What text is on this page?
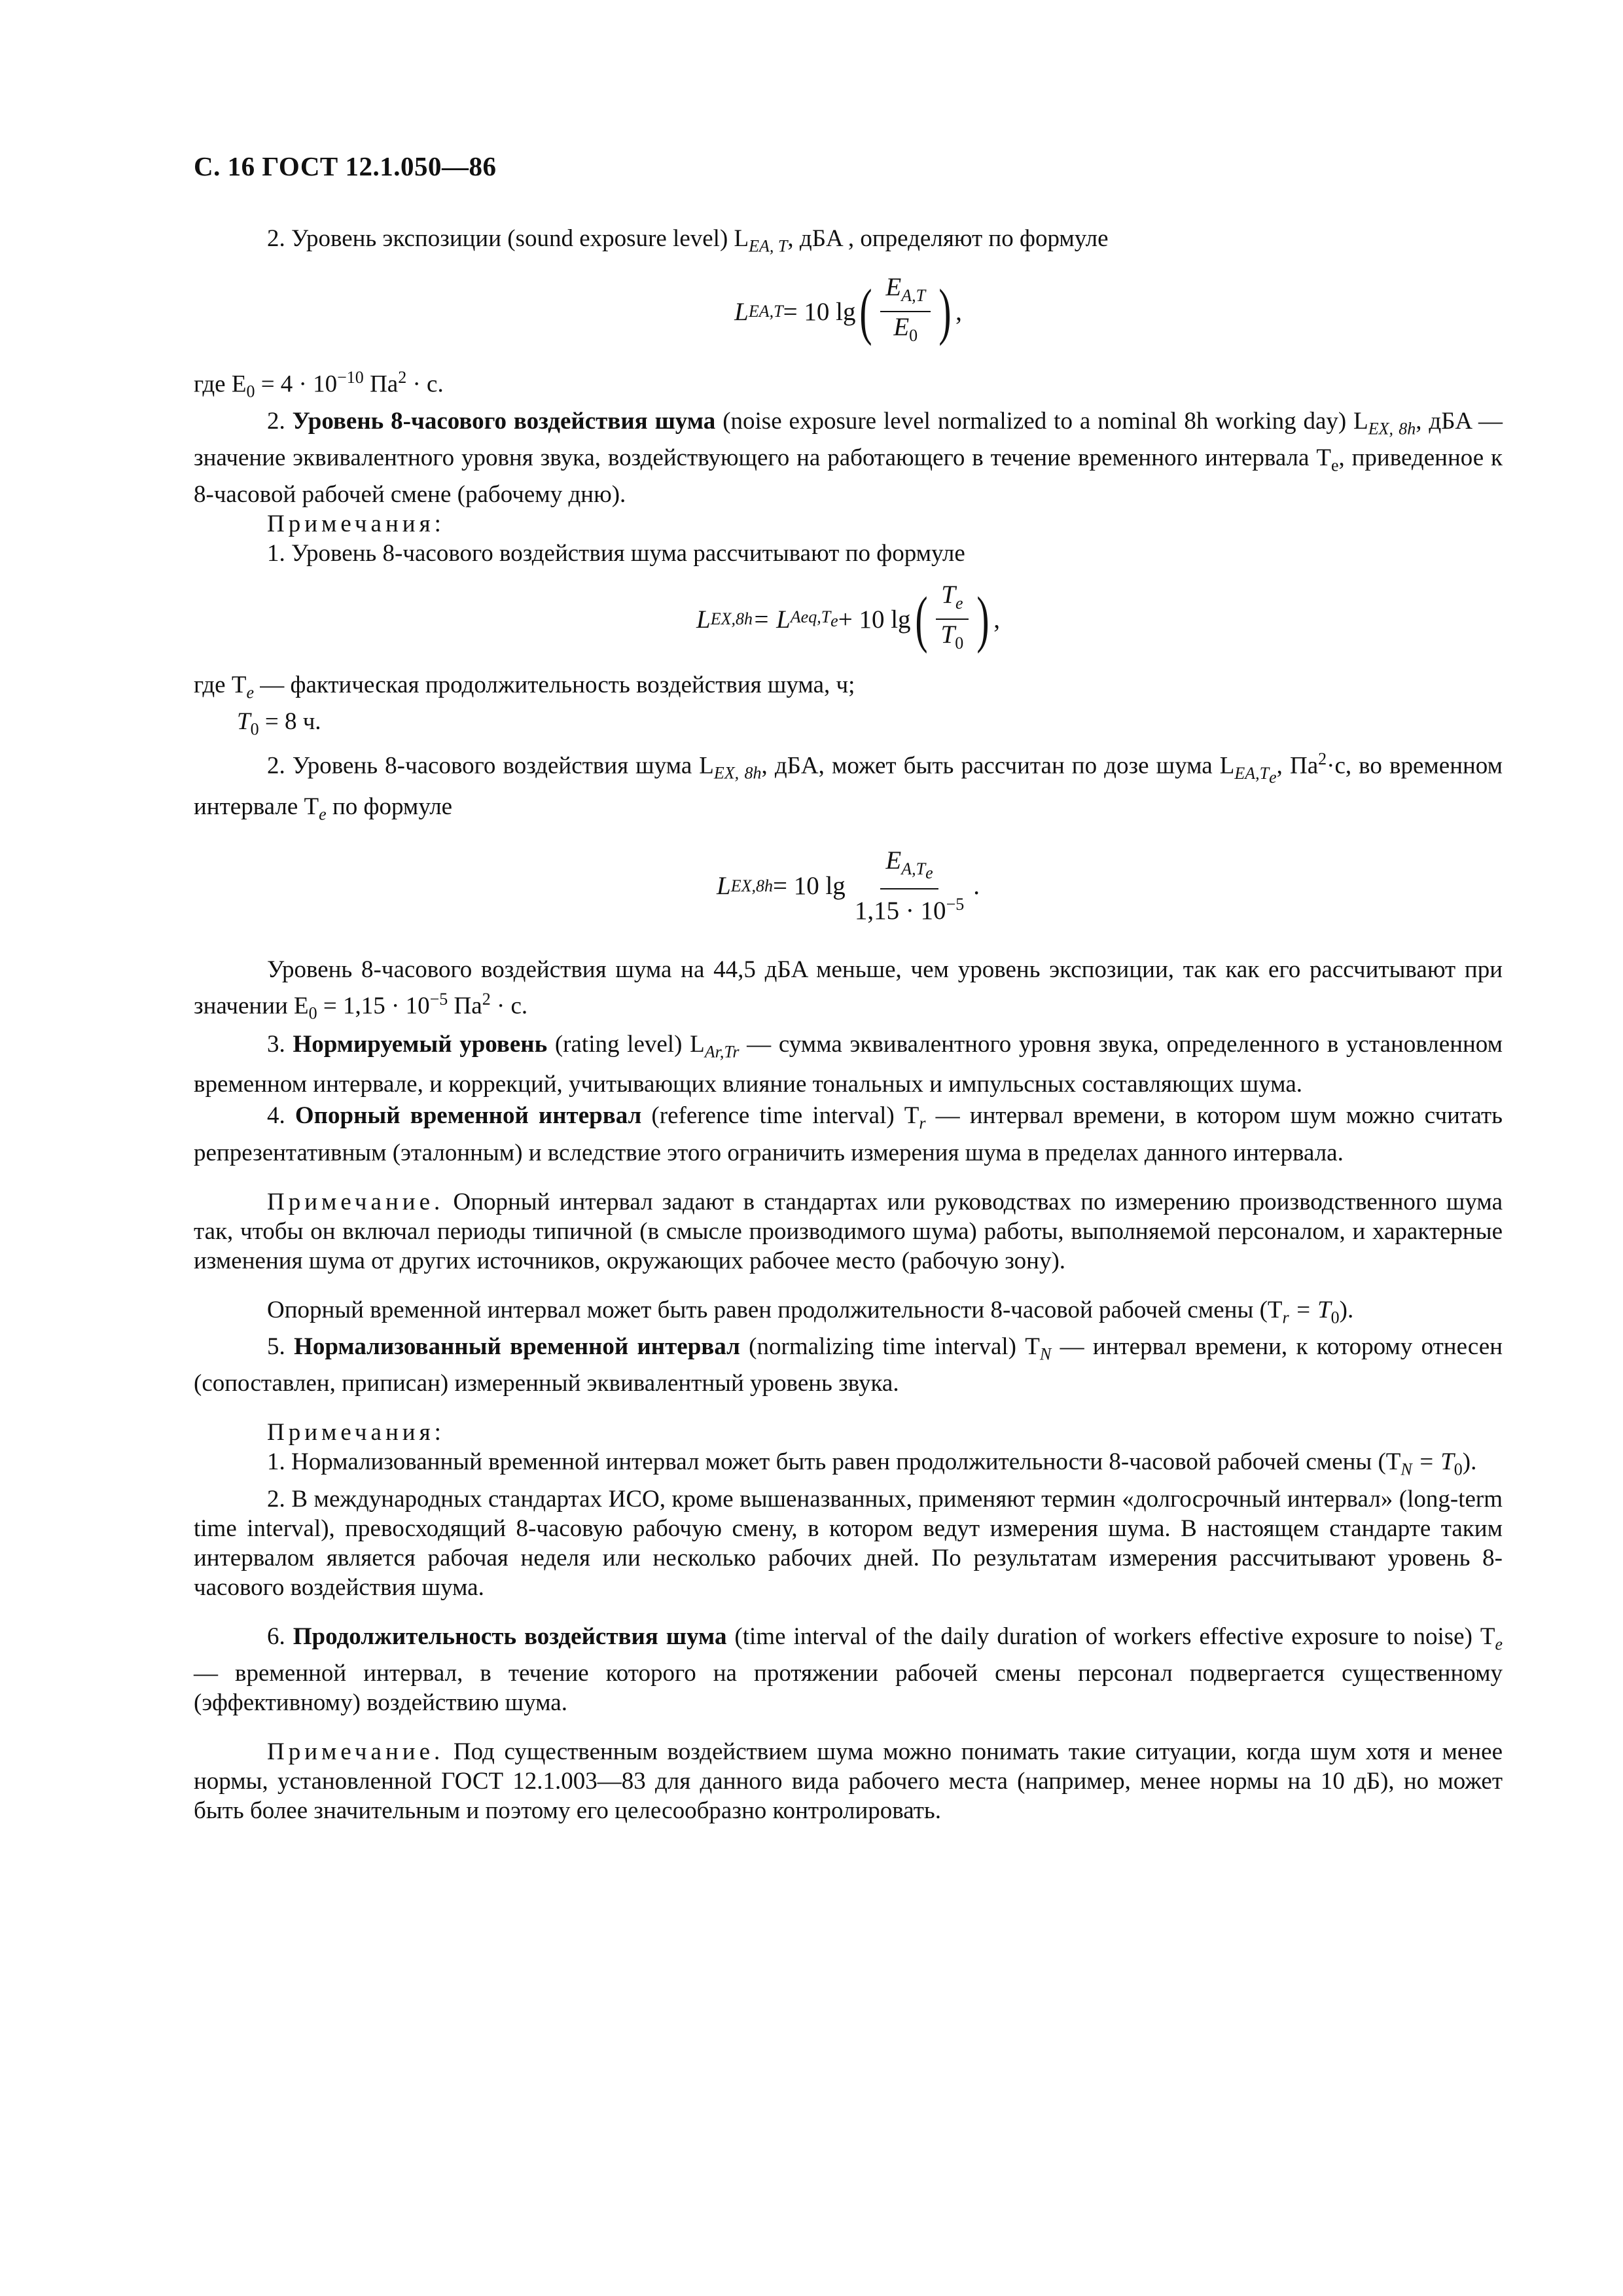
С. 16 ГОСТ 12.1.050—86

2. Уровень экспозиции (sound exposure level) $L_{EA, T}$, дБA , определяют по формуле

L EA,T = 10 lg ( $\frac{E_{A,T}}{E_0}$ ) ,

где $E_0 = 4 \cdot 10^{-10}$ $Па^2 \cdot с$.

2. Уровень 8-часового воздействия шума (noise exposure level normalized to a nominal 8h working day) $L_{EX, 8h}$, дБA — значение эквивалентного уровня звука, воздействующего на работающего в течение временного интервала $T_e$, приведенное к 8-часовой рабочей смене (рабочему дню).

Примечания:

1. Уровень 8-часового воздействия шума рассчитывают по формуле

L EX,8h = L $Aeq,T_e + 10$ lg ( $\frac{T_e}{T_0}$ ) ,

где $T_e$ — фактическая продолжительность воздействия шума, ч;

$T_0 = 8$ ч.

2. Уровень 8-часового воздействия шума $L_{EX, 8h}$, дБA, может быть рассчитан по дозе шума $L_{EA,T_e}$, $Па^2\cdot с$, во временном интервале $T_e$ по формуле

L EX,8h = 10 $\lg \frac{E_{A,T_e}}{1,15 \cdot 10^{-5}}$ .

Уровень 8-часового воздействия шума на 44,5 дБA меньше, чем уровень экспозиции, так как его рассчитывают при значении $E_0 = 1,15 \cdot 10^{-5}$ $Па^2 \cdot с$.

3. Нормируемый уровень (rating level) $L_{Ar,Tr}$ — сумма эквивалентного уровня звука, определенного в установленном временном интервале, и коррекций, учитывающих влияние тональных и импульсных составляющих шума.

4. Опорный временной интервал (reference time interval) $T_r$ — интервал времени, в котором шум можно считать репрезентативным (эталонным) и вследствие этого ограничить измерения шума в пределах данного интервала.

Примечание. Опорный интервал задают в стандартах или руководствах по измерению производственного шума так, чтобы он включал периоды типичной (в смысле производимого шума) работы, выполняемой персоналом, и характерные изменения шума от других источников, окружающих рабочее место (рабочую зону).

Опорный временной интервал может быть равен продолжительности 8-часовой рабочей смены $(T_r = T_0)$.

5. Нормализованный временной интервал (normalizing time interval) $T_N$ — интервал времени, к которому отнесен (сопоставлен, приписан) измеренный эквивалентный уровень звука.

Примечания:

1. Нормализованный временной интервал может быть равен продолжительности 8-часовой рабочей смены $(T_N = T_0)$.

2. В международных стандартах ИСО, кроме вышеназванных, применяют термин «долгосрочный интервал» (long-term time interval), превосходящий 8-часовую рабочую смену, в котором ведут измерения шума. В настоящем стандарте таким интервалом является рабочая неделя или несколько рабочих дней. По результатам измерения рассчитывают уровень 8-часового воздействия шума.

6. Продолжительность воздействия шума (time interval of the daily duration of workers effective exposure to noise) $T_e$ — временной интервал, в течение которого на протяжении рабочей смены персонал подвергается существенному (эффективному) воздействию шума.

Примечание. Под существенным воздействием шума можно понимать такие ситуации, когда шум хотя и менее нормы, установленной ГОСТ 12.1.003—83 для данного вида рабочего места (например, менее нормы на 10 дБ), но может быть более значительным и поэтому его целесообразно контролировать.
